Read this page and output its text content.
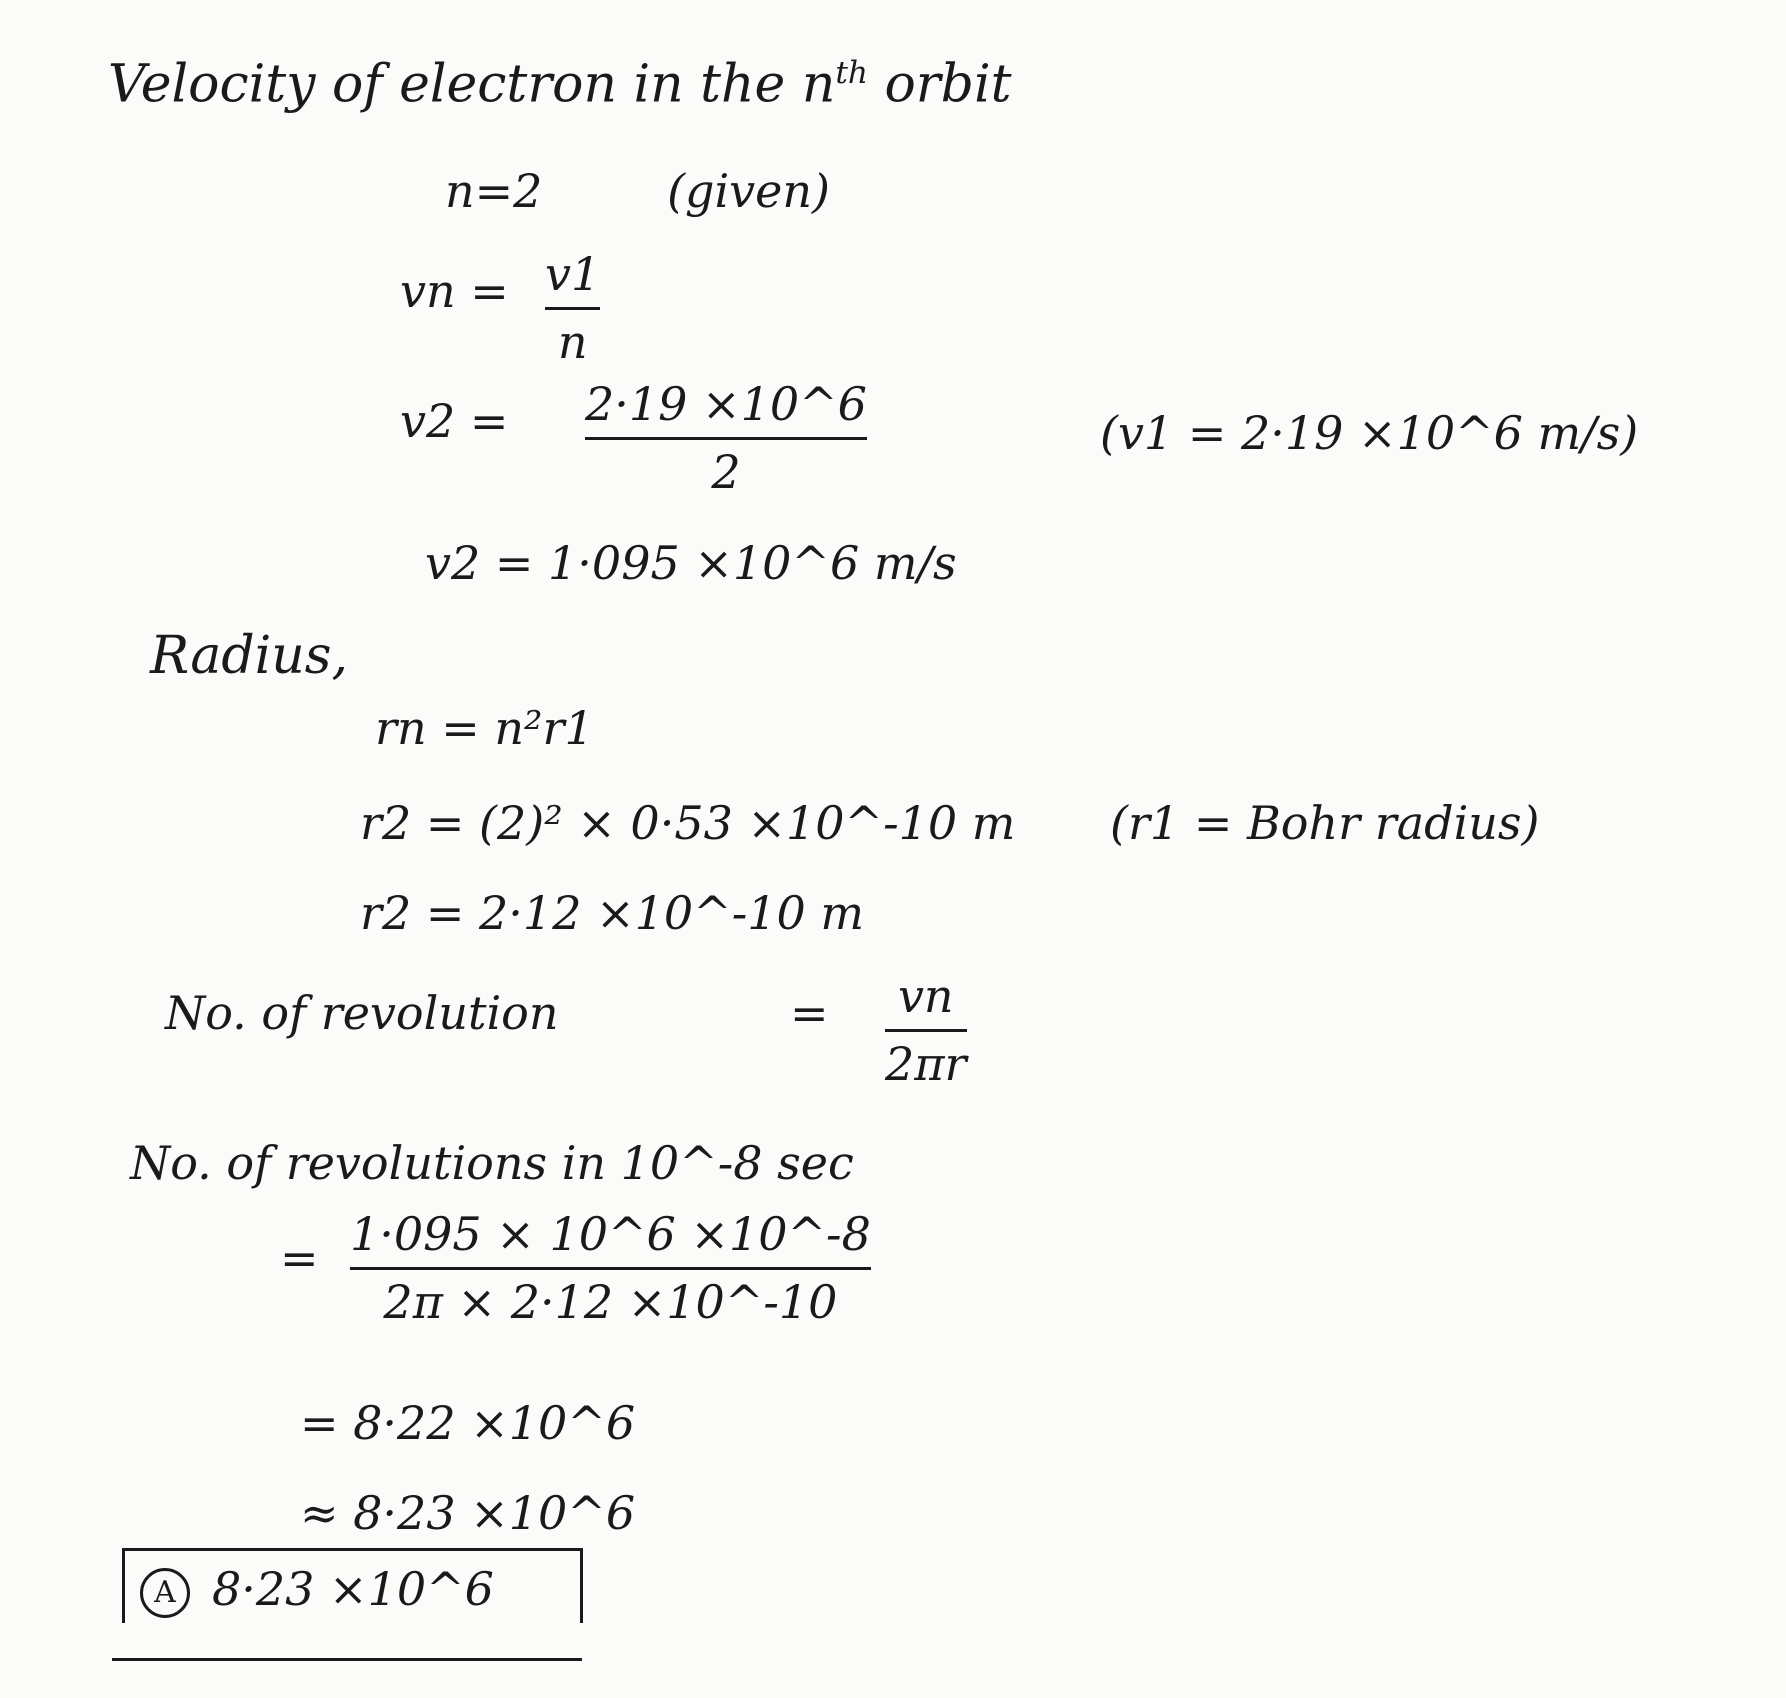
Velocity of electron in the $n^{th}$ orbit
n=2	(given)
vn = v1
n
v2 = 2·19 ×10^6
2
(v1 = 2·19 ×10^6 m/s)
v2 = 1·095 ×10^6 m/s
Radius,
rn = n²r1
r2 = (2)² × 0·53 ×10^-10 m (r1 = Bohr radius)
r2 = 2·12 ×10^-10 m
No. of revolution	= vn
2πr
No. of revolutions in 10^-8 sec
= 1·095 × 10^6 ×10^-8
2π × 2·12 ×10^-10
= 8·22 ×10^6
≈ 8·23 ×10^6
A 8·23 ×10^6
